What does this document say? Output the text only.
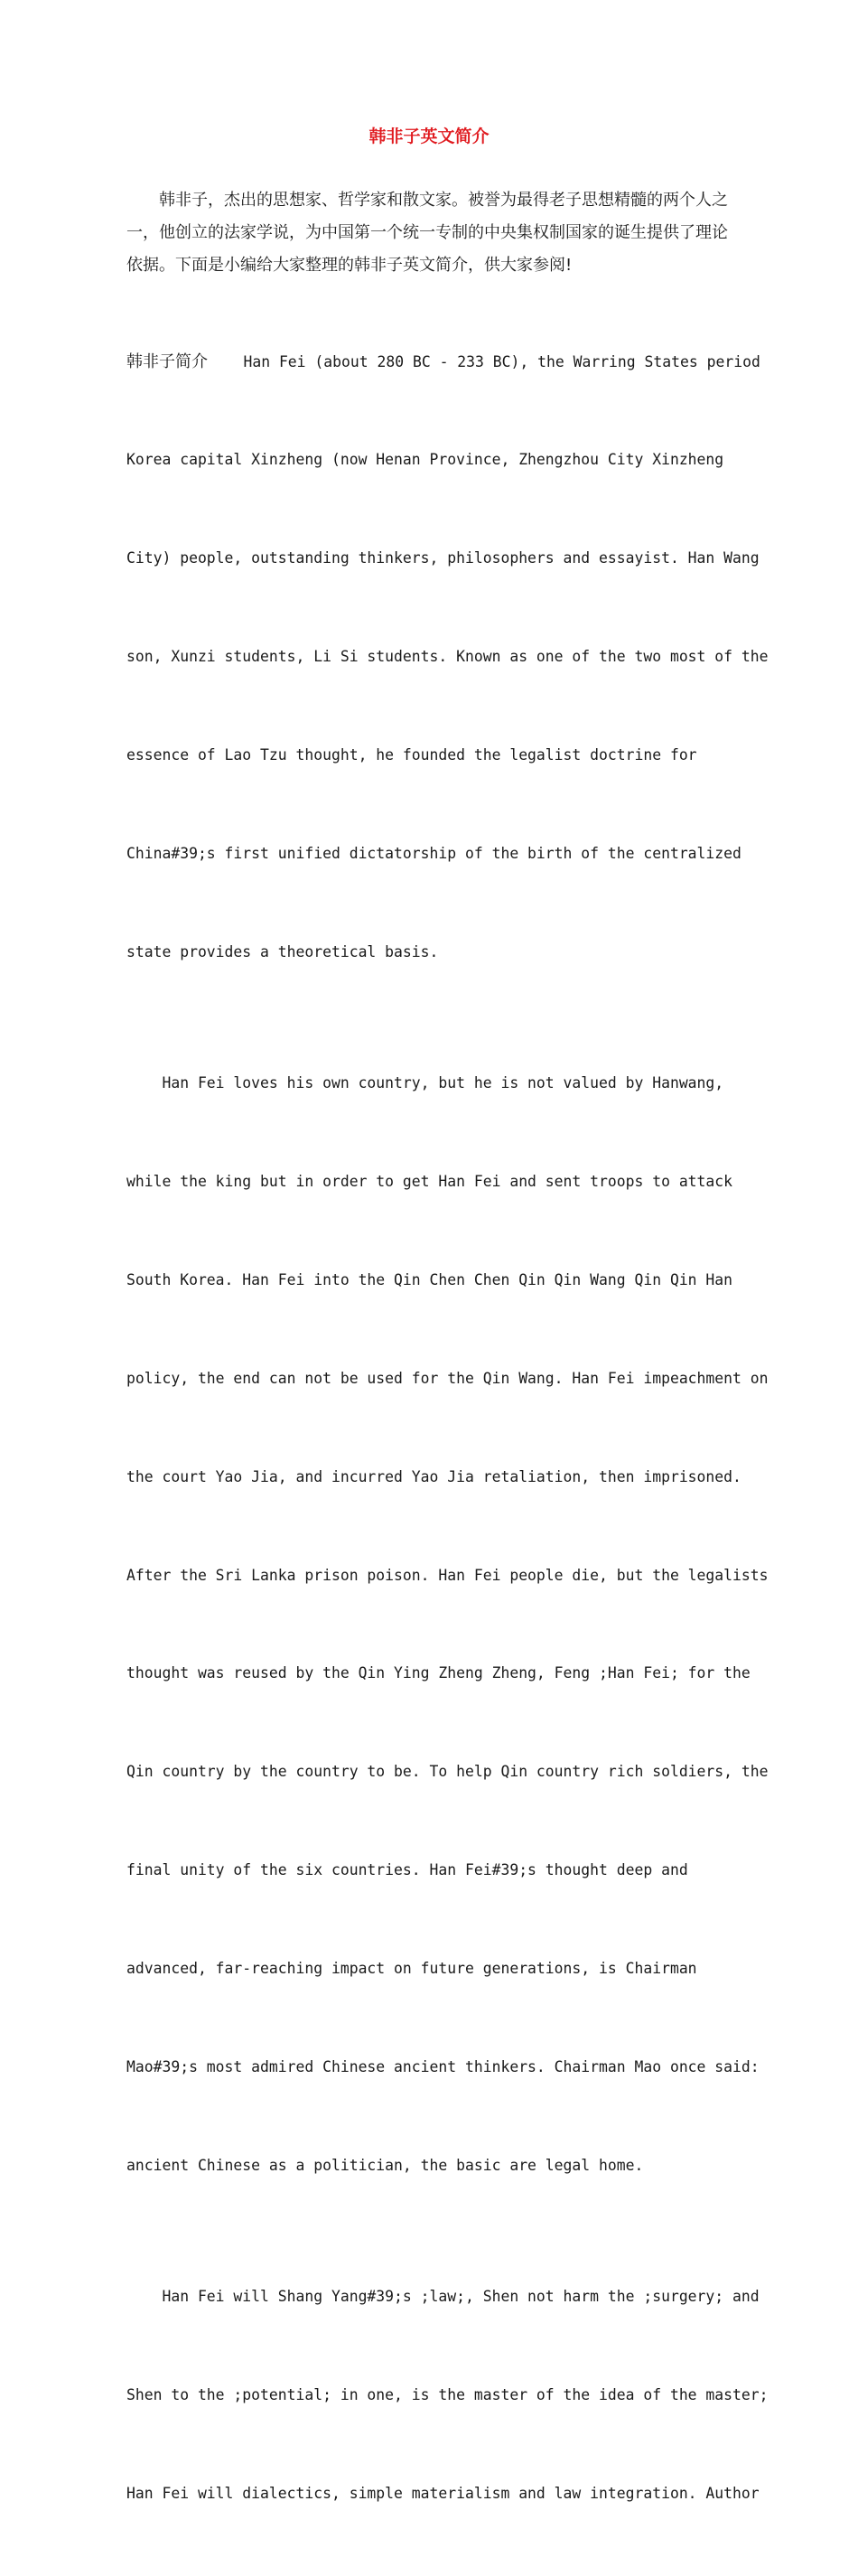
韩非子英文简介
韩非子，杰出的思想家、哲学家和散文家。被誉为最得老子思想精髓的两个人之一，他创立的法家学说，为中国第一个统一专制的中央集权制国家的诞生提供了理论依据。下面是小编给大家整理的韩非子英文简介，供大家参阅!

韩非子简介    Han Fei (about 280 BC - 233 BC), the Warring States period

Korea capital Xinzheng (now Henan Province, Zhengzhou City Xinzheng

City) people, outstanding thinkers, philosophers and essayist. Han Wang

son, Xunzi students, Li Si students. Known as one of the two most of the

essence of Lao Tzu thought, he founded the legalist doctrine for

China#39;s first unified dictatorship of the birth of the centralized

state provides a theoretical basis.

Han Fei loves his own country, but he is not valued by Hanwang,

while the king but in order to get Han Fei and sent troops to attack

South Korea. Han Fei into the Qin Chen Chen Qin Qin Wang Qin Qin Han

policy, the end can not be used for the Qin Wang. Han Fei impeachment on

the court Yao Jia, and incurred Yao Jia retaliation, then imprisoned.

After the Sri Lanka prison poison. Han Fei people die, but the legalists

thought was reused by the Qin Ying Zheng Zheng, Feng ;Han Fei; for the

Qin country by the country to be. To help Qin country rich soldiers, the

final unity of the six countries. Han Fei#39;s thought deep and

advanced, far-reaching impact on future generations, is Chairman

Mao#39;s most admired Chinese ancient thinkers. Chairman Mao once said:

ancient Chinese as a politician, the basic are legal home.

Han Fei will Shang Yang#39;s ;law;, Shen not harm the ;surgery; and

Shen to the ;potential; in one, is the master of the idea of the master;

Han Fei will dialectics, simple materialism and law integration. Author
